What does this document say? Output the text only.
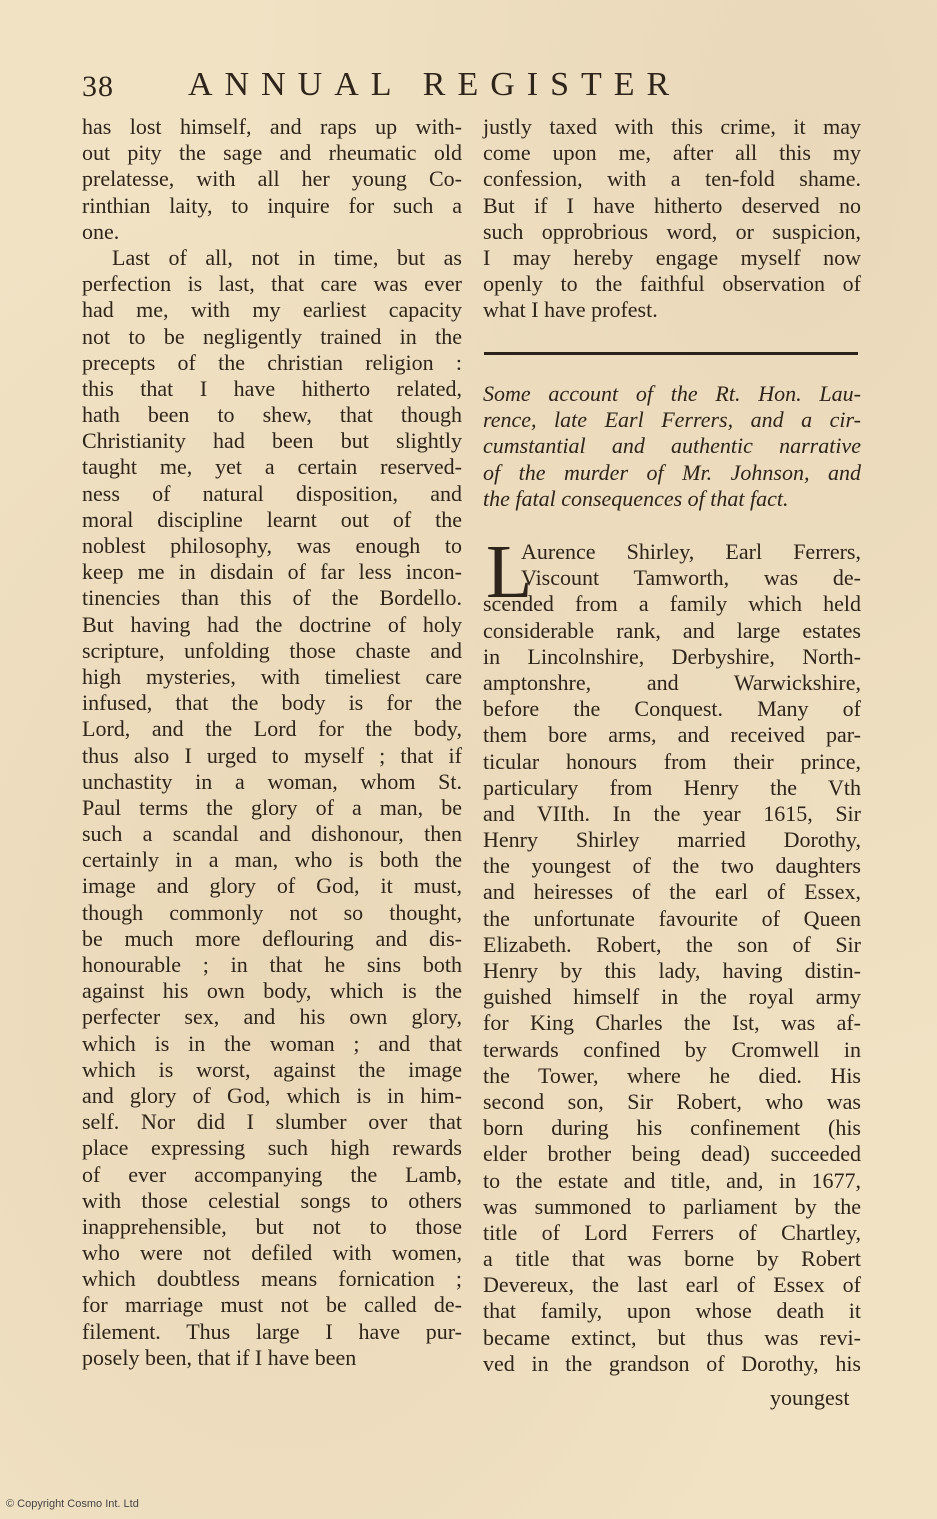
38 ANNUAL REGISTER
has lost himself, and raps up with-
out pity the sage and rheumatic old
prelatesse, with all her young Co-
rinthian laity, to inquire for such a
one.
Last of all, not in time, but as
perfection is last, that care was ever
had me, with my earliest capacity
not to be negligently trained in the
precepts of the christian religion :
this that I have hitherto related,
hath been to shew, that though
Christianity had been but slightly
taught me, yet a certain reserved-
ness of natural disposition, and
moral discipline learnt out of the
noblest philosophy, was enough to
keep me in disdain of far less incon-
tinencies than this of the Bordello.
But having had the doctrine of holy
scripture, unfolding those chaste and
high mysteries, with timeliest care
infused, that the body is for the
Lord, and the Lord for the body,
thus also I urged to myself ; that if
unchastity in a woman, whom St.
Paul terms the glory of a man, be
such a scandal and dishonour, then
certainly in a man, who is both the
image and glory of God, it must,
though commonly not so thought,
be much more deflouring and dis-
honourable ; in that he sins both
against his own body, which is the
perfecter sex, and his own glory,
which is in the woman ; and that
which is worst, against the image
and glory of God, which is in him-
self. Nor did I slumber over that
place expressing such high rewards
of ever accompanying the Lamb,
with those celestial songs to others
inapprehensible, but not to those
who were not defiled with women,
which doubtless means fornication ;
for marriage must not be called de-
filement. Thus large I have pur-
posely been, that if I have been
justly taxed with this crime, it may
come upon me, after all this my
confession, with a ten-fold shame.
But if I have hitherto deserved no
such opprobrious word, or suspicion,
I may hereby engage myself now
openly to the faithful observation of
what I have profest.
Some account of the Rt. Hon. Lau-
rence, late Earl Ferrers, and a cir-
cumstantial and authentic narrative
of the murder of Mr. Johnson, and
the fatal consequences of that fact.
L
Aurence Shirley, Earl Ferrers,
Viscount Tamworth, was de-
scended from a family which held
considerable rank, and large estates
in Lincolnshire, Derbyshire, North-
amptonshre, and Warwickshire,
before the Conquest. Many of
them bore arms, and received par-
ticular honours from their prince,
particulary from Henry the Vth
and VIIth. In the year 1615, Sir
Henry Shirley married Dorothy,
the youngest of the two daughters
and heiresses of the earl of Essex,
the unfortunate favourite of Queen
Elizabeth. Robert, the son of Sir
Henry by this lady, having distin-
guished himself in the royal army
for King Charles the Ist, was af-
terwards confined by Cromwell in
the Tower, where he died. His
second son, Sir Robert, who was
born during his confinement (his
elder brother being dead) succeeded
to the estate and title, and, in 1677,
was summoned to parliament by the
title of Lord Ferrers of Chartley,
a title that was borne by Robert
Devereux, the last earl of Essex of
that family, upon whose death it
became extinct, but thus was revi-
ved in the grandson of Dorothy, his
youngest
© Copyright Cosmo Int. Ltd
